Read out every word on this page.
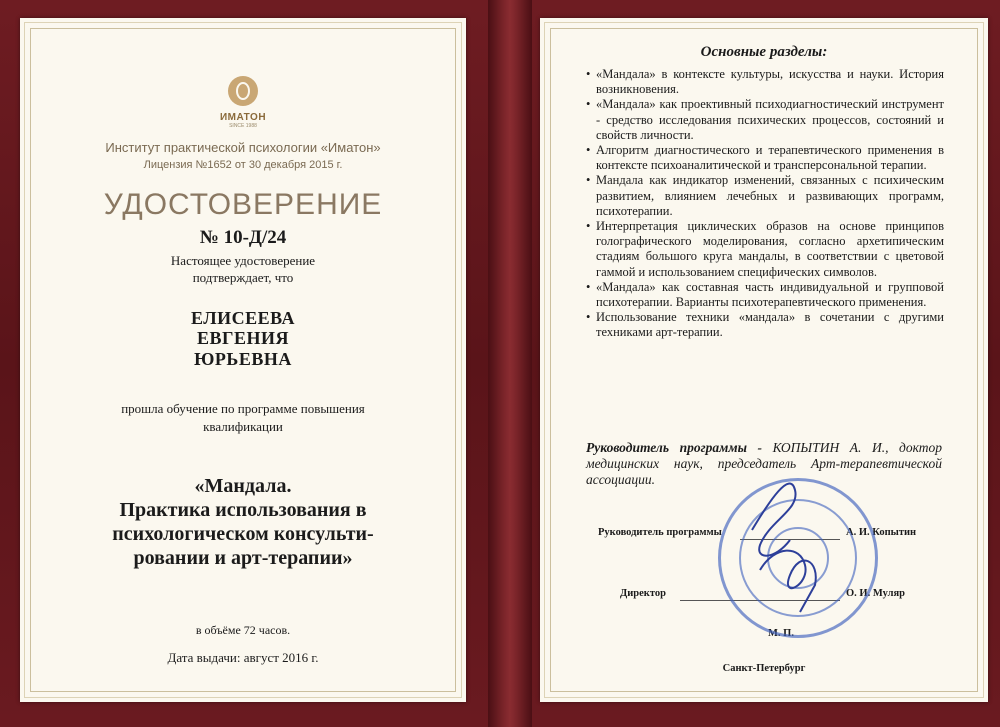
ИМАТОН
SINCE 1988
Институт практической психологии «Иматон»
Лицензия №1652 от 30 декабря 2015 г.
УДОСТОВЕРЕНИЕ
№ 10-Д/24
Настоящее удостоверение
подтверждает, что
ЕЛИСЕЕВА
ЕВГЕНИЯ
ЮРЬЕВНА
прошла обучение по программе повышения
квалификации
«Мандала.
Практика использования в
психологическом консульти-
ровании и арт-терапии»
в объёме 72 часов.
Дата выдачи: август 2016 г.
Основные разделы:
• «Мандала» в контексте культуры, искусства и науки. История возникновения.
• «Мандала» как проективный психодиагностический инструмент - средство исследования психических процессов, состояний и свойств личности.
• Алгоритм диагностического и терапевтического применения в контексте психоаналитической и трансперсональной терапии.
• Мандала как индикатор изменений, связанных с психическим развитием, влиянием лечебных и развивающих программ, психотерапии.
• Интерпретация циклических образов на основе принципов голографического моделирования, согласно архетипическим стадиям большого круга мандалы, в соответствии с цветовой гаммой и использованием специфических символов.
• «Мандала» как составная часть индивидуальной и групповой психотерапии. Варианты психотерапевтического применения.
• Использование техники «мандала» в сочетании с другими техниками арт-терапии.
Руководитель программы - КОПЫТИН А. И., доктор медицинских наук, председатель Арт-терапевтической ассоциации.
Руководитель программы	А. И. Копытин
Директор	О. И. Муляр
М. П.
Санкт-Петербург
